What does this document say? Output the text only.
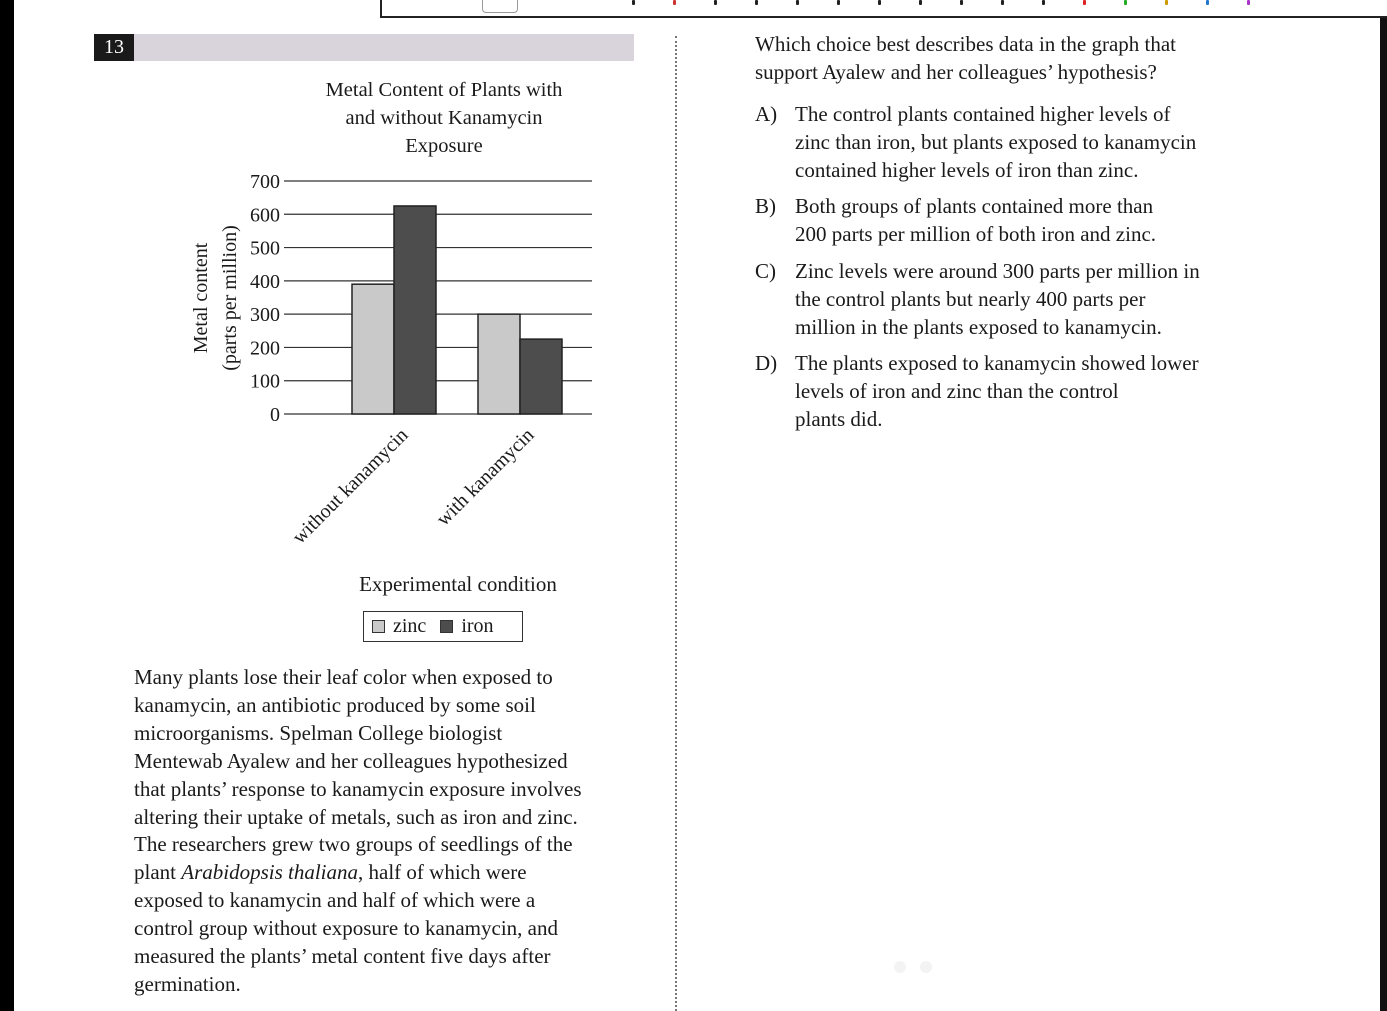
13
Metal Content of Plants with
and without Kanamycin
Exposure
0
100
200
300
400
500
600
700
without kanamycin with kanamycin
Metal content (parts per million)
Experimental condition
zinc iron

Many plants lose their leaf color when exposed to
kanamycin, an antibiotic produced by some soil
microorganisms. Spelman College biologist
Mentewab Ayalew and her colleagues hypothesized
that plants’ response to kanamycin exposure involves
altering their uptake of metals, such as iron and zinc.
The researchers grew two groups of seedlings of the
plant Arabidopsis thaliana, half of which were
exposed to kanamycin and half of which were a
control group without exposure to kanamycin, and
measured the plants’ metal content five days after
germination.

Which choice best describes data in the graph that
support Ayalew and her colleagues’ hypothesis?
A) The control plants contained higher levels of
zinc than iron, but plants exposed to kanamycin
contained higher levels of iron than zinc.
B) Both groups of plants contained more than
200 parts per million of both iron and zinc.
C) Zinc levels were around 300 parts per million in
the control plants but nearly 400 parts per
million in the plants exposed to kanamycin.
D) The plants exposed to kanamycin showed lower
levels of iron and zinc than the control
plants did.
